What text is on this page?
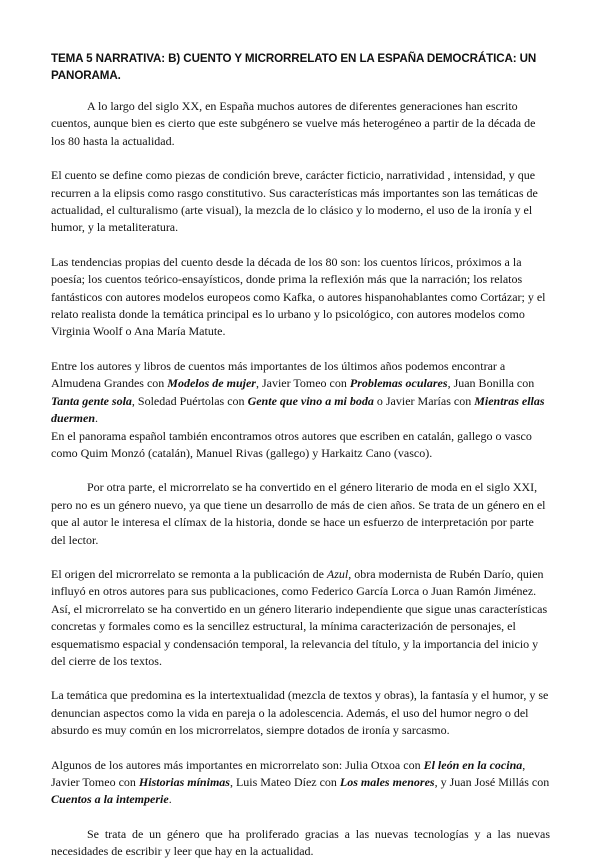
TEMA 5 NARRATIVA: B) CUENTO Y MICRORRELATO EN LA ESPAÑA DEMOCRÁTICA: UN PANORAMA.
A lo largo del siglo XX, en España muchos autores de diferentes generaciones han escrito cuentos, aunque bien es cierto que este subgénero se vuelve más heterogéneo a partir de la década de los 80 hasta la actualidad.
El cuento se define como piezas de condición breve, carácter ficticio, narratividad , intensidad, y que recurren a la elipsis como rasgo constitutivo. Sus características más importantes son las temáticas de actualidad, el culturalismo (arte visual), la mezcla de lo clásico y lo moderno, el uso de la ironía y el humor, y la metaliteratura.
Las tendencias propias del cuento desde la década de los 80 son: los cuentos líricos, próximos a la poesía; los cuentos teórico-ensayísticos, donde prima la reflexión más que la narración; los relatos fantásticos con autores modelos europeos como Kafka, o autores hispanohablantes como Cortázar; y el relato realista donde la temática principal es lo urbano y lo psicológico, con autores modelos como Virginia Woolf o Ana María Matute.
Entre los autores y libros de cuentos más importantes de los últimos años podemos encontrar a Almudena Grandes con Modelos de mujer, Javier Tomeo con Problemas oculares, Juan Bonilla con Tanta gente sola, Soledad Puértolas con Gente que vino a mi boda o Javier Marías con Mientras ellas duermen.
En el panorama español también encontramos otros autores que escriben en catalán, gallego o vasco como Quim Monzó (catalán), Manuel Rivas (gallego) y Harkaitz Cano (vasco).
Por otra parte, el microrrelato se ha convertido en el género literario de moda en el siglo XXI, pero no es un género nuevo, ya que tiene un desarrollo de más de cien años. Se trata de un género en el que al autor le interesa el clímax de la historia, donde se hace un esfuerzo de interpretación por parte del lector.
El origen del microrrelato se remonta a la publicación de Azul, obra modernista de Rubén Darío, quien influyó en otros autores para sus publicaciones, como Federico García Lorca o Juan Ramón Jiménez.
Así, el microrrelato se ha convertido en un género literario independiente que sigue unas características concretas y formales como es la sencillez estructural, la mínima caracterización de personajes, el esquematismo espacial y condensación temporal, la relevancia del título, y la importancia del inicio y del cierre de los textos.
La temática que predomina es la intertextualidad (mezcla de textos y obras), la fantasía y el humor, y se denuncian aspectos como la vida en pareja o la adolescencia. Además, el uso del humor negro o del absurdo es muy común en los microrrelatos, siempre dotados de ironía y sarcasmo.
Algunos de los autores más importantes en microrrelato son: Julia Otxoa con El león en la cocina, Javier Tomeo con Historias mínimas, Luis Mateo Díez con Los males menores, y Juan José Millás con Cuentos a la intemperie.
Se trata de un género que ha proliferado gracias a las nuevas tecnologías y a las nuevas necesidades de escribir y leer que hay en la actualidad.
